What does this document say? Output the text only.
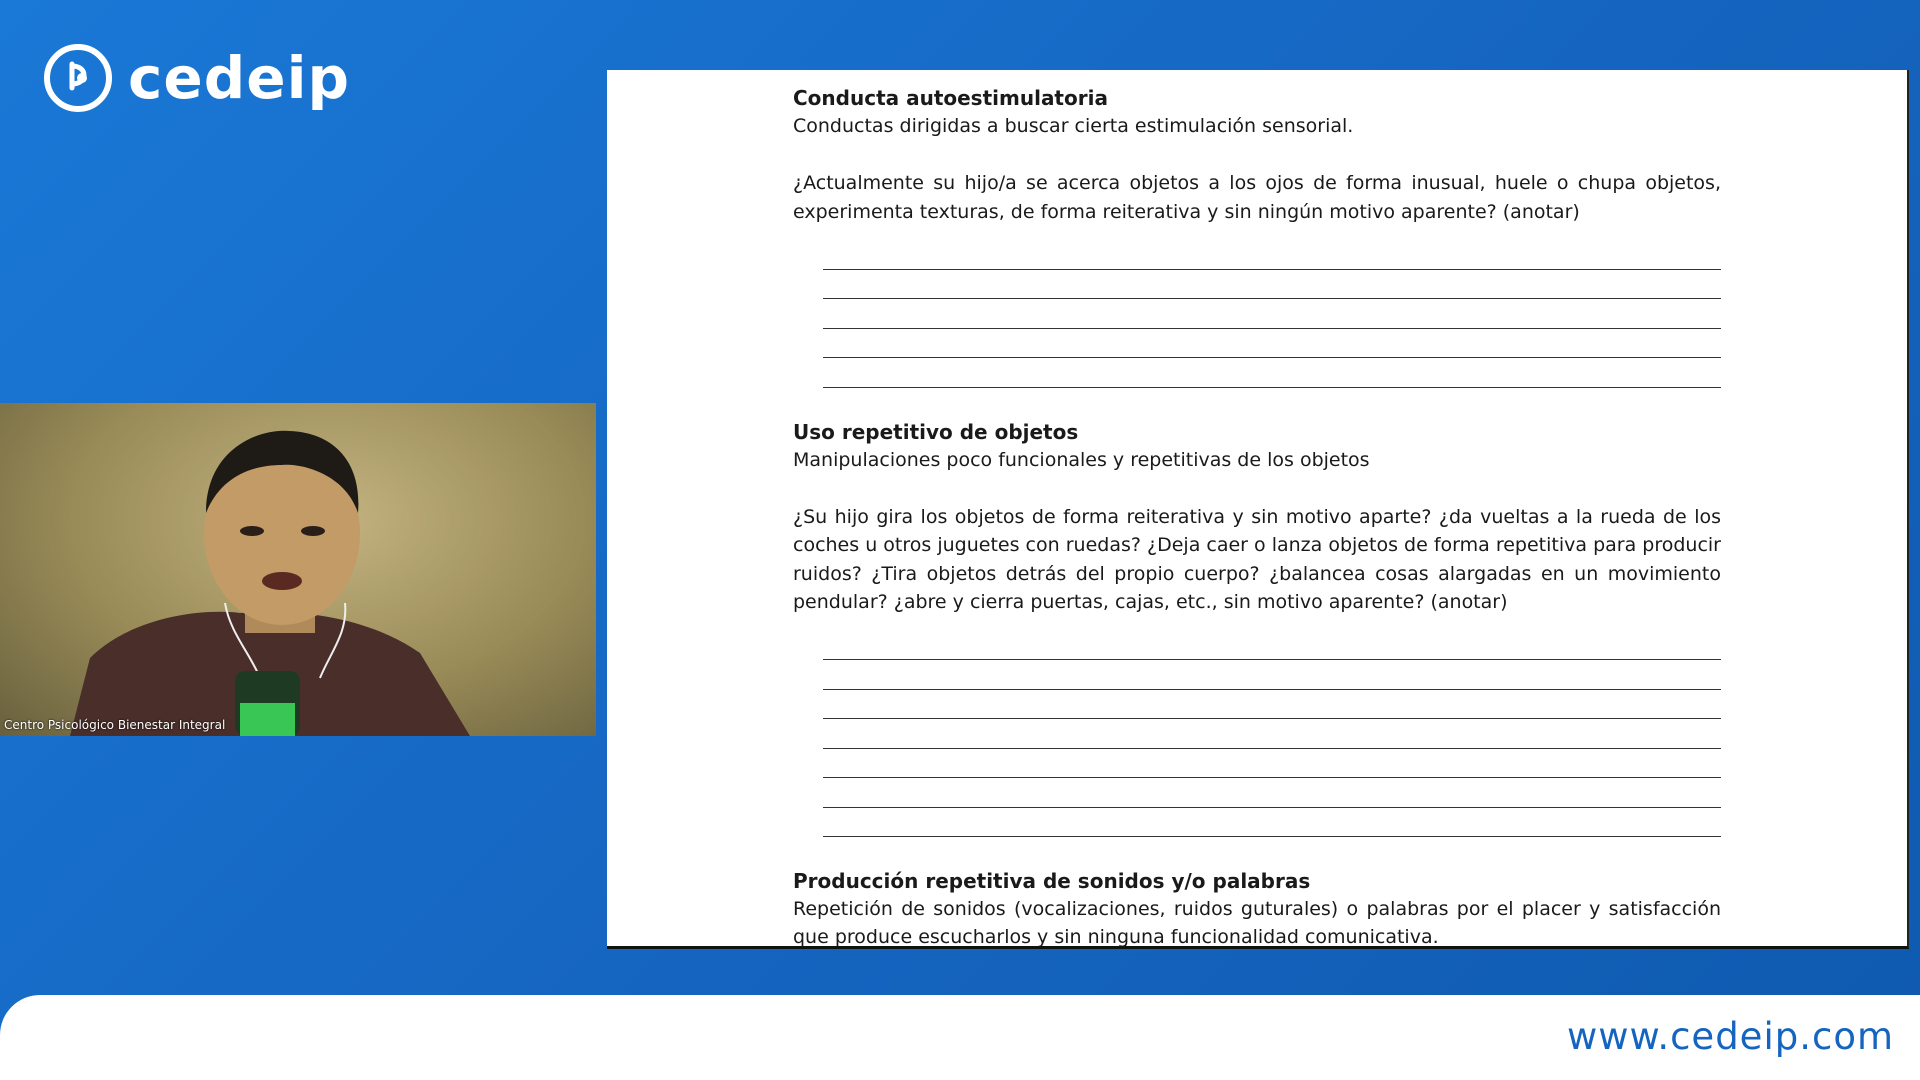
cedeip
Centro Psicológico Bienestar Integral
Conducta autoestimulatoria
Conductas dirigidas a buscar cierta estimulación sensorial.
¿Actualmente su hijo/a se acerca objetos a los ojos de forma inusual, huele o chupa objetos, experimenta texturas, de forma reiterativa y sin ningún motivo aparente? (anotar)
Uso repetitivo de objetos
Manipulaciones poco funcionales y repetitivas de los objetos
¿Su hijo gira los objetos de forma reiterativa y sin motivo aparte? ¿da vueltas a la rueda de los coches u otros juguetes con ruedas? ¿Deja caer o lanza objetos de forma repetitiva para producir ruidos? ¿Tira objetos detrás del propio cuerpo? ¿balancea cosas alargadas en un movimiento pendular? ¿abre y cierra puertas, cajas, etc., sin motivo aparente? (anotar)
Producción repetitiva de sonidos y/o palabras
Repetición de sonidos (vocalizaciones, ruidos guturales) o palabras por el placer y satisfacción que produce escucharlos y sin ninguna funcionalidad comunicativa.
www.cedeip.com
